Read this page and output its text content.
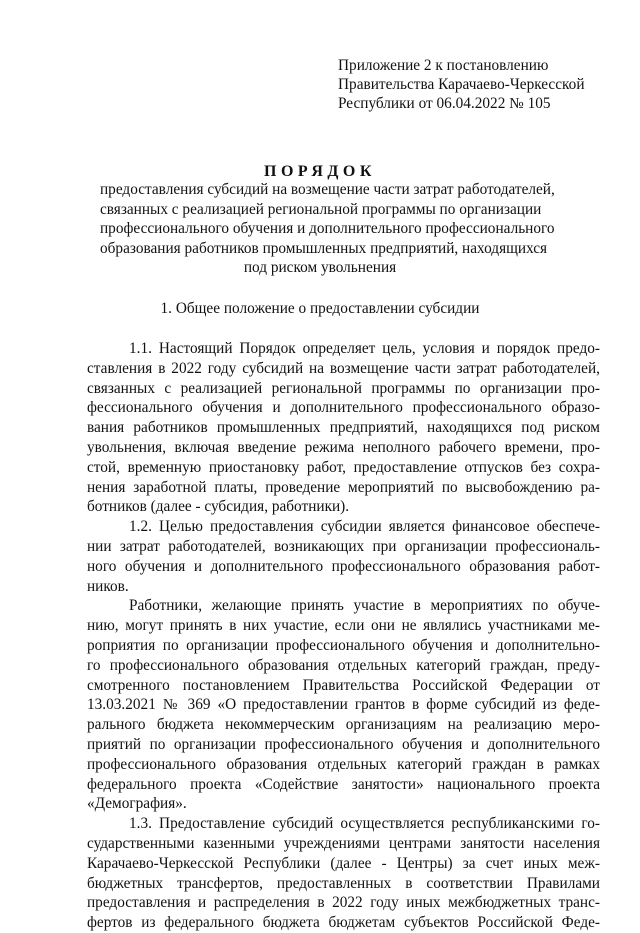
Приложение 2 к постановлению
Правительства Карачаево-Черкесской
Республики от 06.04.2022 № 105
ПОРЯДОК
предоставления субсидий на возмещение части затрат работодателей,
связанных с реализацией региональной программы по организации
профессионального обучения и дополнительного профессионального
образования работников промышленных предприятий, находящихся
под риском увольнения
1. Общее положение о предоставлении субсидии
1.1. Настоящий Порядок определяет цель, условия и порядок предо-
ставления в 2022 году субсидий на возмещение части затрат работодателей,
связанных с реализацией региональной программы по организации про-
фессионального обучения и дополнительного профессионального образо-
вания работников промышленных предприятий, находящихся под риском
увольнения, включая введение режима неполного рабочего времени, про-
стой, временную приостановку работ, предоставление отпусков без сохра-
нения заработной платы, проведение мероприятий по высвобождению ра-
ботников (далее - субсидия, работники).
1.2. Целью предоставления субсидии является финансовое обеспече-
нии затрат работодателей, возникающих при организации профессиональ-
ного обучения и дополнительного профессионального образования работ-
ников.
Работники, желающие принять участие в мероприятиях по обуче-
нию, могут принять в них участие, если они не являлись участниками ме-
роприятия по организации профессионального обучения и дополнительно-
го профессионального образования отдельных категорий граждан, преду-
смотренного постановлением Правительства Российской Федерации от
13.03.2021 № 369 «О предоставлении грантов в форме субсидий из феде-
рального бюджета некоммерческим организациям на реализацию меро-
приятий по организации профессионального обучения и дополнительного
профессионального образования отдельных категорий граждан в рамках
федерального проекта «Содействие занятости» национального проекта
«Демография».
1.3. Предоставление субсидий осуществляется республиканскими го-
сударственными казенными учреждениями центрами занятости населения
Карачаево-Черкесской Республики (далее - Центры) за счет иных меж-
бюджетных трансфертов, предоставленных в соответствии Правилами
предоставления и распределения в 2022 году иных межбюджетных транс-
фертов из федерального бюджета бюджетам субъектов Российской Феде-
